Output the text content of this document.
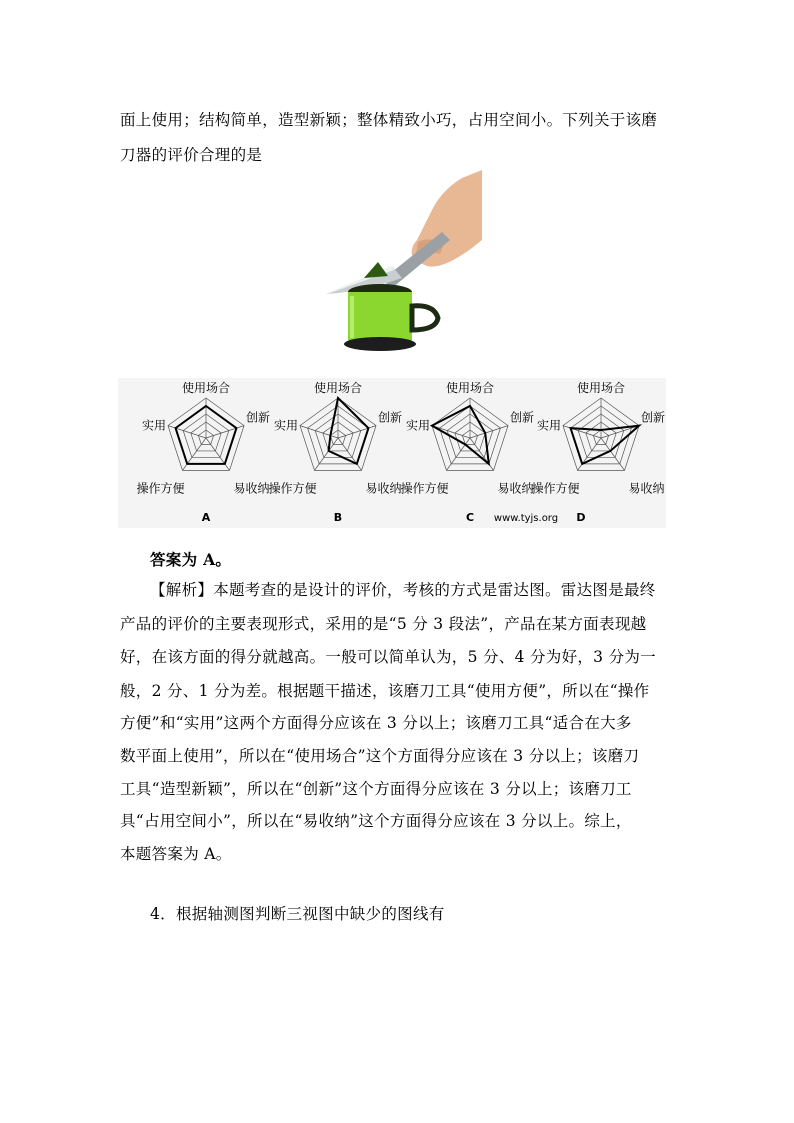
面上使用；结构简单，造型新颖；整体精致小巧，占用空间小。下列关于该磨
刀器的评价合理的是
使用场合
创新
易收纳
操作方便
实用
A
使用场合
创新
易收纳
操作方便
实用
B
使用场合
创新
易收纳
操作方便
实用
C
使用场合
创新
易收纳
操作方便
实用
D
www.tyjs.org
答案为 A。
【解析】本题考查的是设计的评价，考核的方式是雷达图。雷达图是最终
产品的评价的主要表现形式，采用的是“5 分 3 段法”，产品在某方面表现越
好，在该方面的得分就越高。一般可以简单认为，5 分、4 分为好，3 分为一
般，2 分、1 分为差。根据题干描述，该磨刀工具“使用方便”，所以在“操作
方便”和“实用”这两个方面得分应该在 3 分以上；该磨刀工具“适合在大多
数平面上使用”，所以在“使用场合”这个方面得分应该在 3 分以上；该磨刀
工具“造型新颖”，所以在“创新”这个方面得分应该在 3 分以上；该磨刀工
具“占用空间小”，所以在“易收纳”这个方面得分应该在 3 分以上。综上，
本题答案为 A。
4．根据轴测图判断三视图中缺少的图线有
